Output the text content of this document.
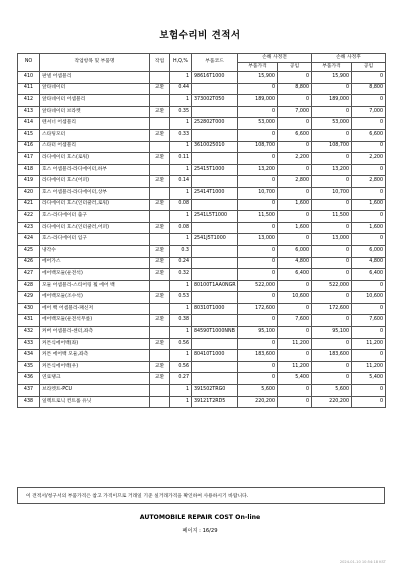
보험수리비 견적서
NO	작업항목 및 부품명	작업	H,Q,%	부품코드	손해 사정전		손해 사정후	
					부품가격	공임	부품가격	공임
410	판넬 어셈블리		1	98616T1000	15,900	0	15,900	0
411	앞타네이터	교환	0.44		0	8,800	0	8,800
412	앞타네이터 어셈블리		1	373002T050	189,000	0	189,000	0
413	앞타네이터 브라켓	교환	0.35		0	7,000	0	7,000
414	텐셔너 어셈블리		1	252802T000	53,000	0	53,000	0
415	스타팅모터	교환	0.33		0	6,600	0	6,600
416	스타터 어셈블리		1	3610025010	108,700	0	108,700	0
417	라디에이터 호스(로워)	교환	0.11		0	2,200	0	2,200
418	호스 어셈블리-라디에이터,하부		1	25415T1000	13,200	0	13,200	0
419	라디에이터 호스(어퍼)	교환	0.14		0	2,800	0	2,800
420	호스 어셈블리-라디에이터,상부		1	25414T1000	10,700	0	10,700	0
421	라디에이터 호스(인터쿨러,로워)	교환	0.08		0	1,600	0	1,600
422	호스-라디에이터 출구		1	2541L5T1000	11,500	0	11,500	0
423	라디에이터 호스(인터쿨러,어퍼)	교환	0.08		0	1,600	0	1,600
424	호스-라디에이터 입구		1	2541J5T1000	13,000	0	13,000	0
425	냉각수	교환	0.3		0	6,000	0	6,000
426	에어가스	교환	0.24		0	4,800	0	4,800
427	에어백모듈(운전석)	교환	0.32		0	6,400	0	6,400
428	모듈 어셈블리-스티어링 휠 에어 백		1	80100T1AA0NGR	522,000	0	522,000	0
429	에어백모듈(조수석)	교환	0.53		0	10,600	0	10,600
430	에어 백 어셈블리-패신저		1	80310T1000	172,600	0	172,600	0
431	에어백모듈(운전석무릎)	교환	0.38		0	7,600	0	7,600
432	커버 어셈블리-센터,좌측		1	84590T1000NNB	95,100	0	95,100	0
433	커튼식에어백(좌)	교환	0.56		0	11,200	0	11,200
434	커튼 에어백 모듈,좌측		1	80410T1000	183,600	0	183,600	0
435	커튼식에어백(우)	교환	0.56		0	11,200	0	11,200
436	연료탱크	교환	0.27		0	5,400	0	5,400
437	브라켓트-PCU		1	391502TRG0	5,600	0	5,600	0
438	일렉트로닉 컨트롤 유닛		1	39121T2RD5	220,200	0	220,200	0
이 견적서/청구서의 부품가격은 참고 가격이므로 거래일 기준 실거래가격을 확인하여 사용하시기 바랍니다.
AUTOMOBILE REPAIR COST On-line
페이지 : 16/29
2024-01-10 10:54:18 KST
